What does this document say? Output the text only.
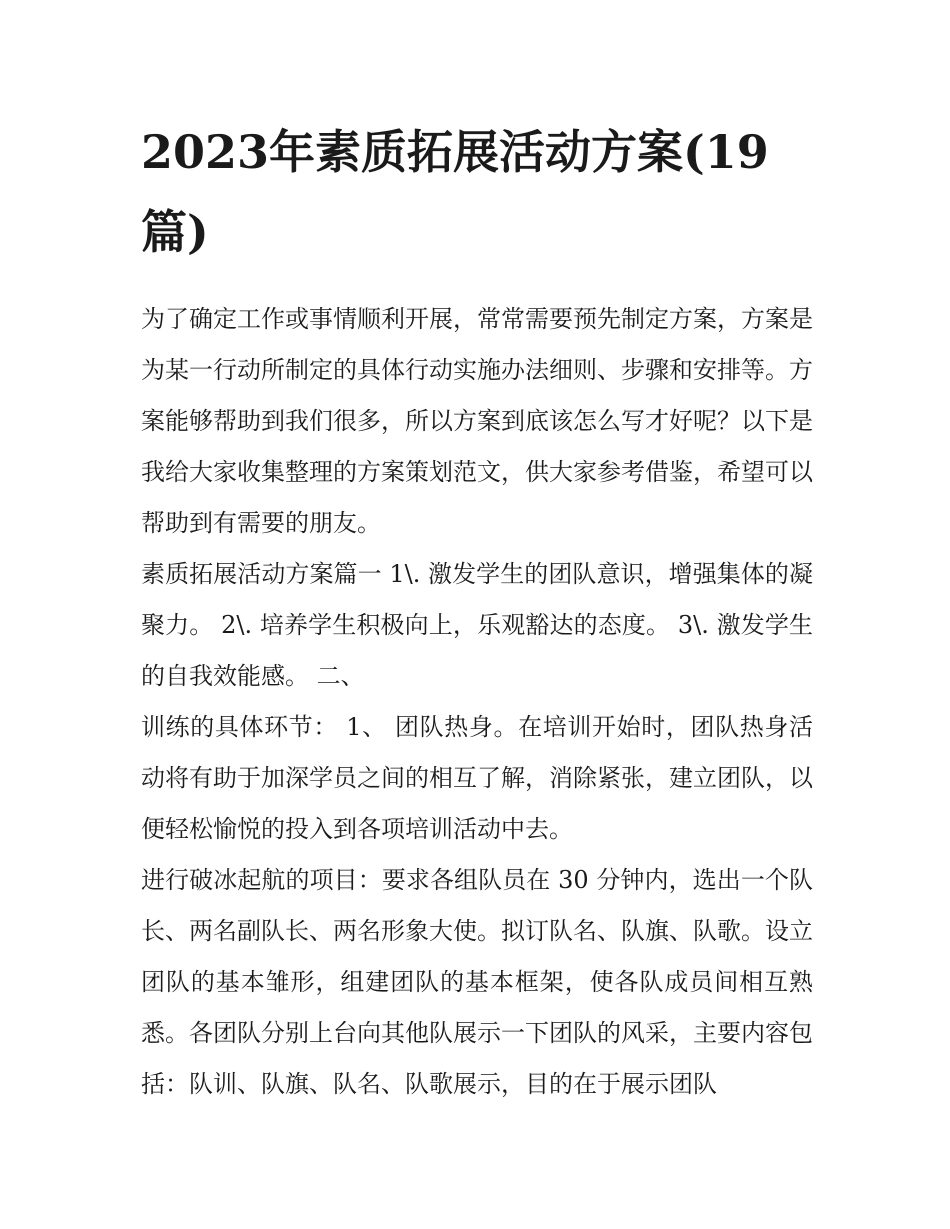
2023年素质拓展活动方案(19篇)

为了确定工作或事情顺利开展，常常需要预先制定方案，方案是为某一行动所制定的具体行动实施办法细则、步骤和安排等。方案能够帮助到我们很多，所以方案到底该怎么写才好呢？以下是我给大家收集整理的方案策划范文，供大家参考借鉴，希望可以帮助到有需要的朋友。

素质拓展活动方案篇一 1\. 激发学生的团队意识，增强集体的凝聚力。 2\. 培养学生积极向上，乐观豁达的态度。 3\. 激发学生的自我效能感。 二、

训练的具体环节： 1、 团队热身。在培训开始时，团队热身活动将有助于加深学员之间的相互了解，消除紧张，建立团队，以便轻松愉悦的投入到各项培训活动中去。

进行破冰起航的项目：要求各组队员在 30 分钟内，选出一个队长、两名副队长、两名形象大使。拟订队名、队旗、队歌。设立团队的基本雏形，组建团队的基本框架，使各队成员间相互熟悉。各团队分别上台向其他队展示一下团队的风采，主要内容包括：队训、队旗、队名、队歌展示，目的在于展示团队
